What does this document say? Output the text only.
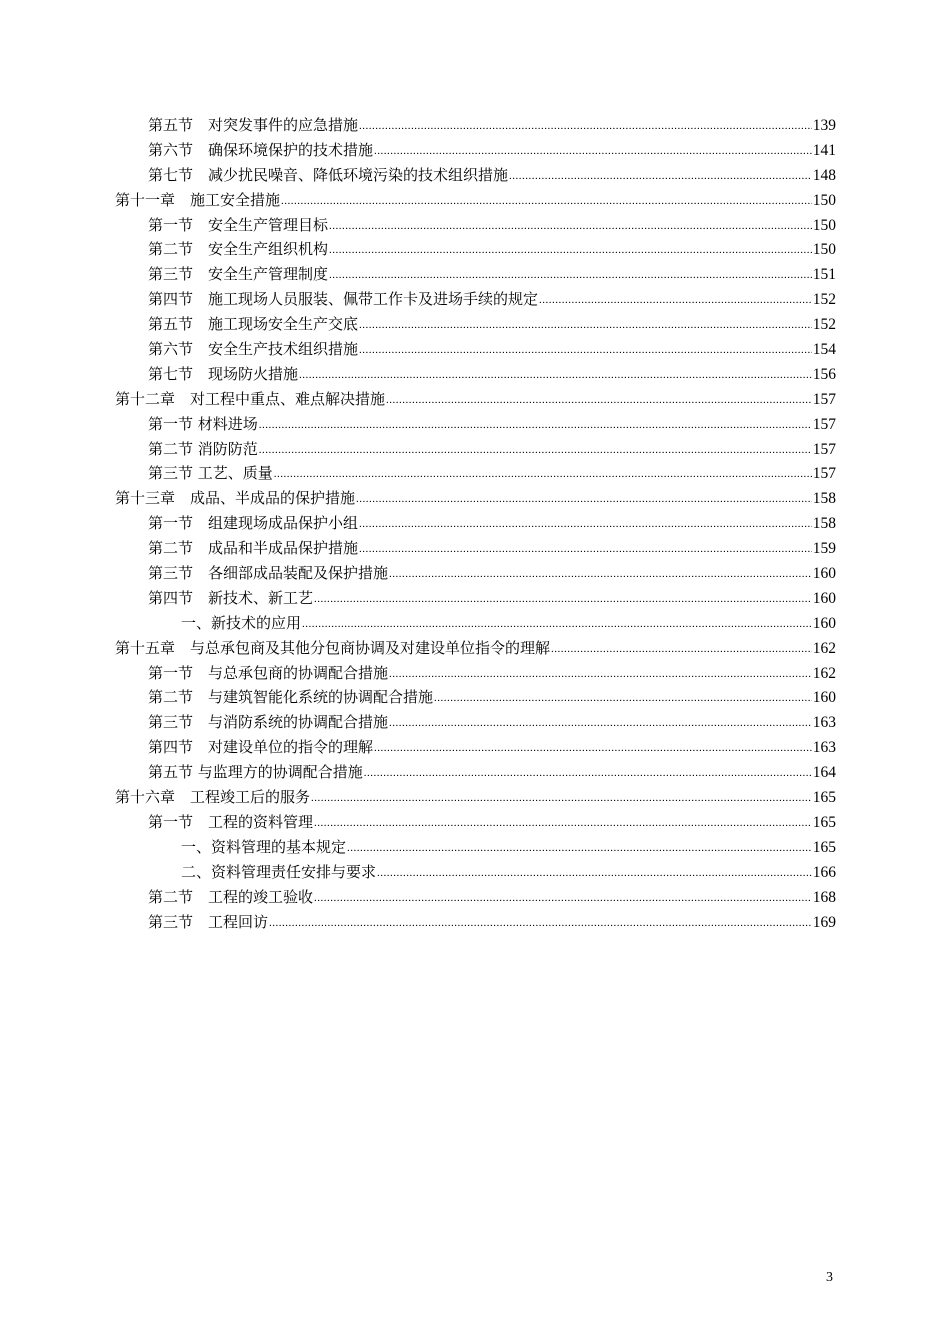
第五节　对突发事件的应急措施 .....	139
第六节　确保环境保护的技术措施 .....	141
第七节　减少扰民噪音、降低环境污染的技术组织措施 .....	148
第十一章　施工安全措施 .....	150
第一节　安全生产管理目标 .....	150
第二节　安全生产组织机构 .....	150
第三节　安全生产管理制度 .....	151
第四节　施工现场人员服装、佩带工作卡及进场手续的规定 .....	152
第五节　施工现场安全生产交底 .....	152
第六节　安全生产技术组织措施 .....	154
第七节　现场防火措施 .....	156
第十二章　对工程中重点、难点解决措施 .....	157
第一节 材料进场 .....	157
第二节 消防防范 .....	157
第三节 工艺、质量 .....	157
第十三章　成品、半成品的保护措施 .....	158
第一节　组建现场成品保护小组 .....	158
第二节　成品和半成品保护措施 .....	159
第三节　各细部成品装配及保护措施 .....	160
第四节　新技术、新工艺 .....	160
一、新技术的应用 .....	160
第十五章　与总承包商及其他分包商协调及对建设单位指令的理解 .....	162
第一节　与总承包商的协调配合措施 .....	162
第二节　与建筑智能化系统的协调配合措施 .....	160
第三节　与消防系统的协调配合措施 .....	163
第四节　对建设单位的指令的理解 .....	163
第五节 与监理方的协调配合措施 .....	164
第十六章　工程竣工后的服务 .....	165
第一节　工程的资料管理 .....	165
一、资料管理的基本规定 .....	165
二、资料管理责任安排与要求 .....	166
第二节　工程的竣工验收 .....	168
第三节　工程回访 .....	169
3
